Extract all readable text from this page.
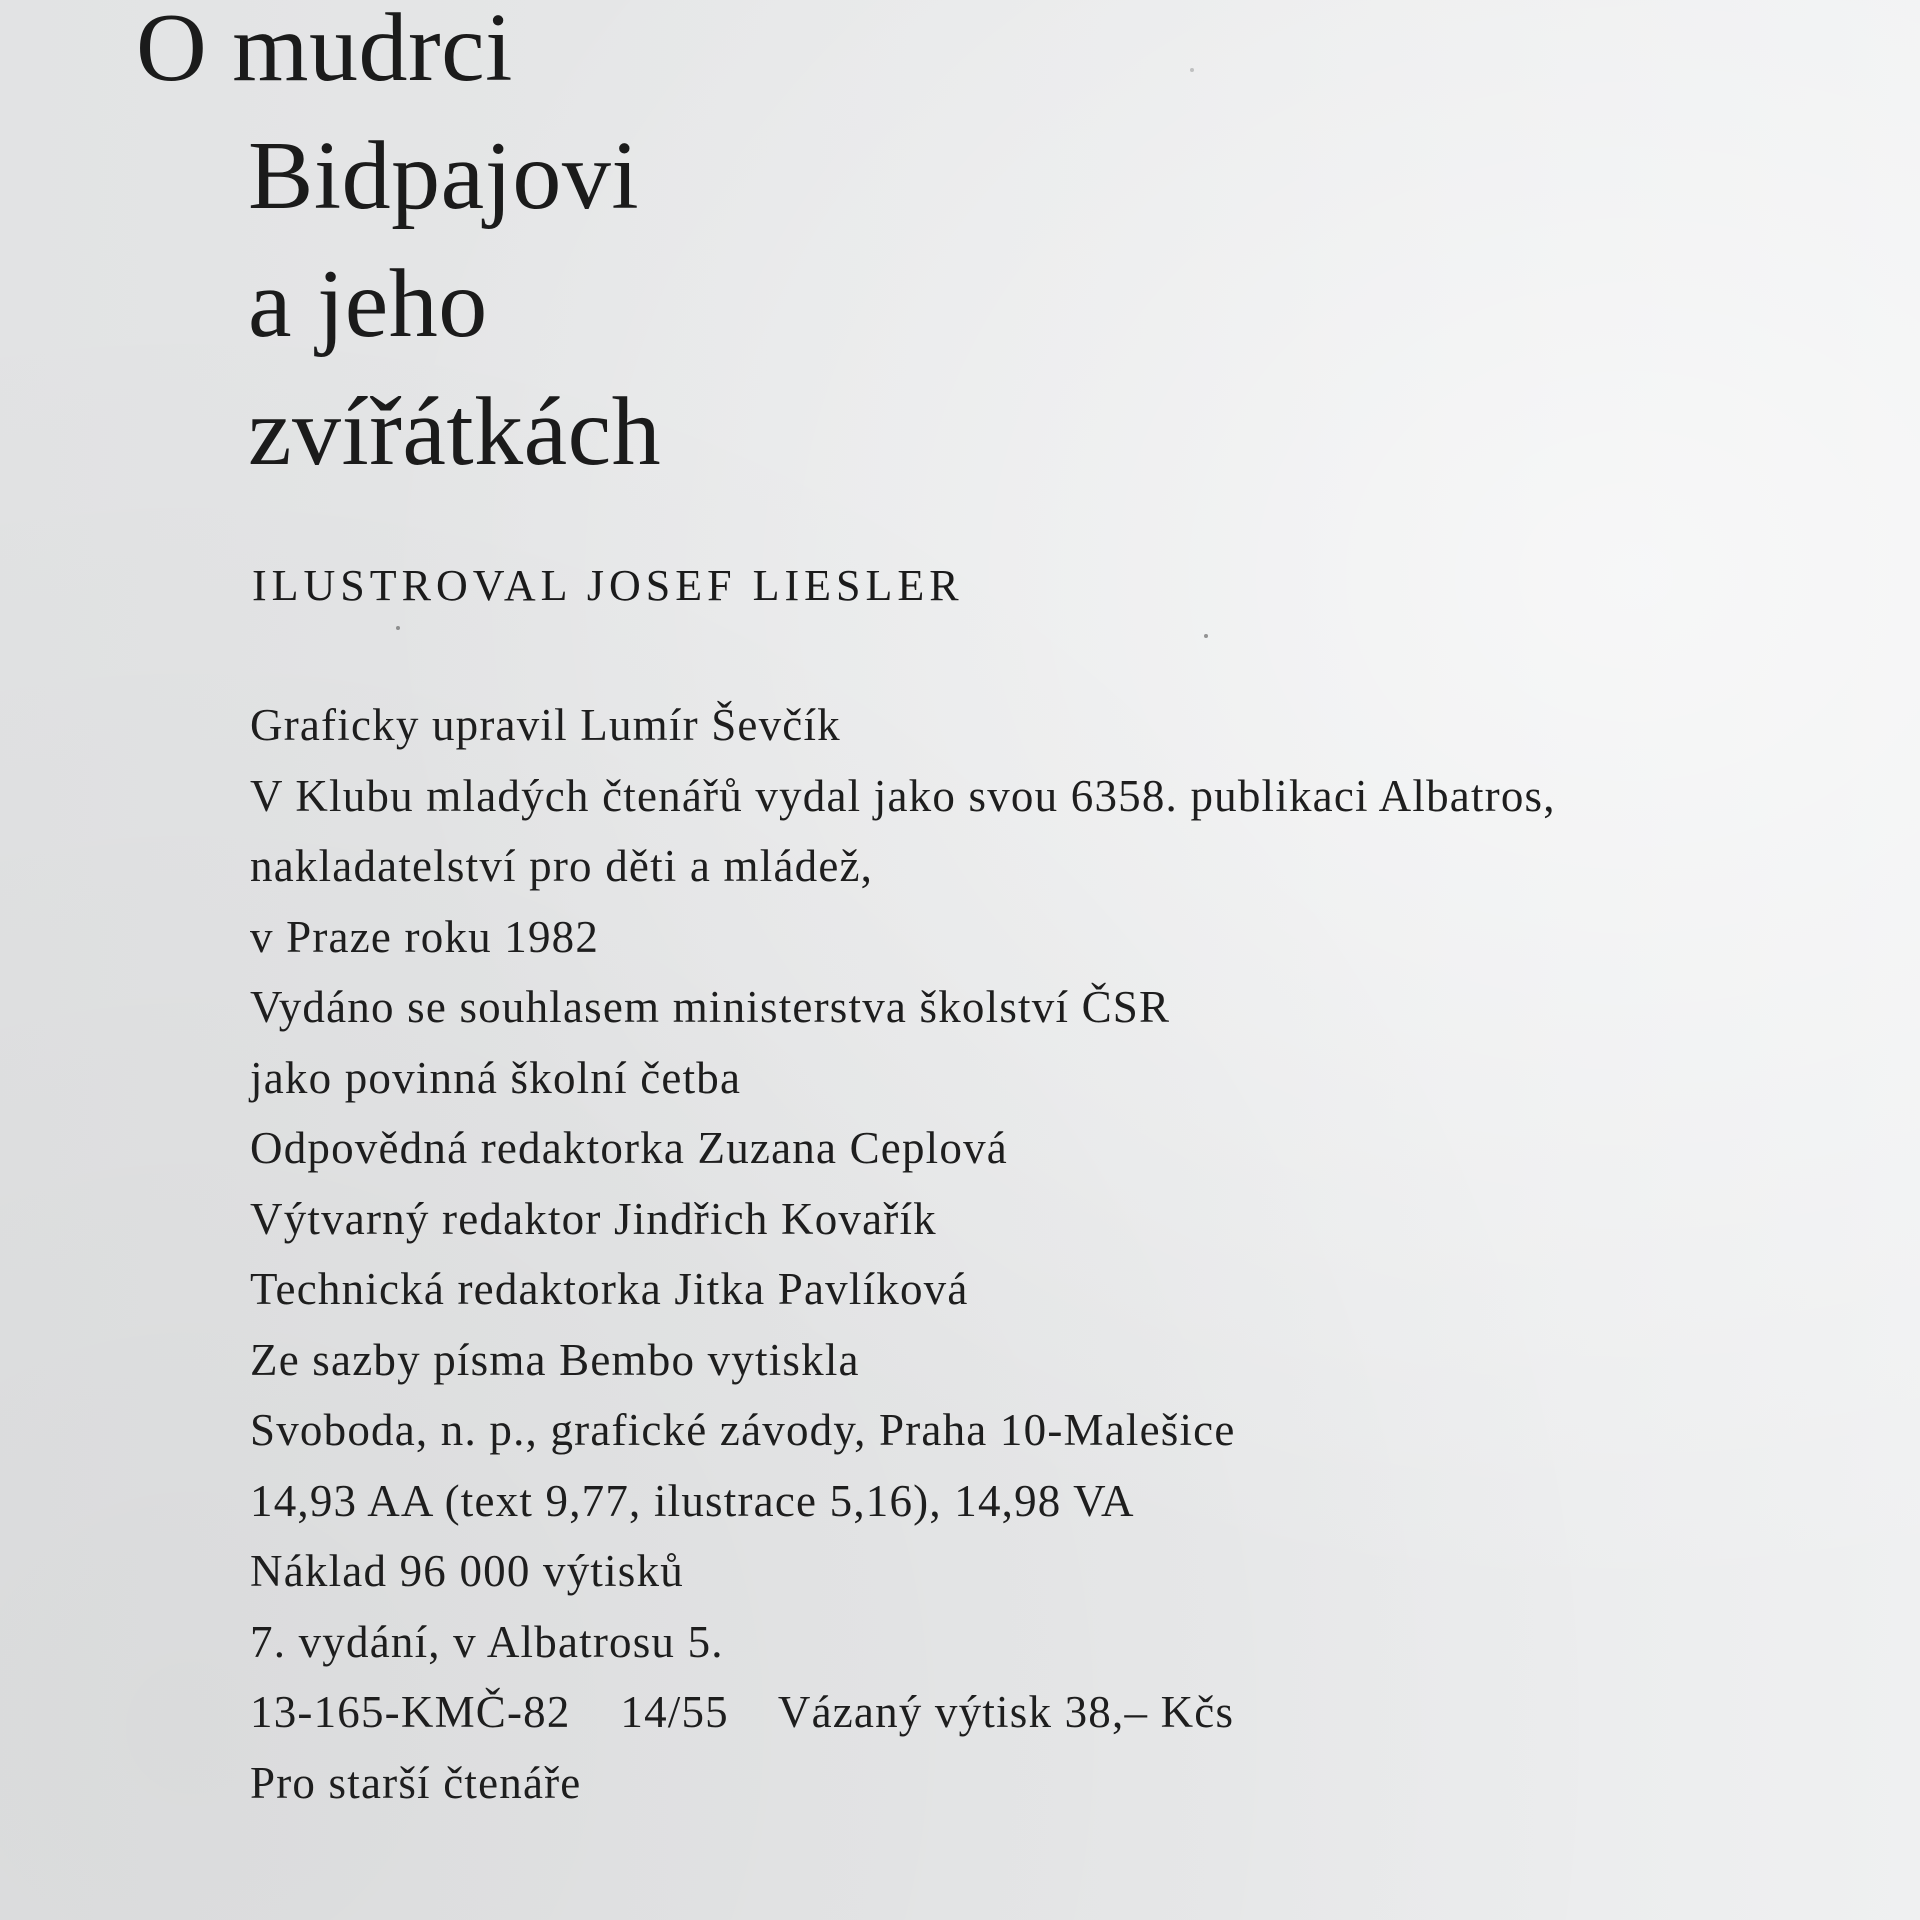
O mudrci
Bidpajovi
a jeho
zvířátkách

ILUSTROVAL JOSEF LIESLER

Graficky upravil Lumír Ševčík
V Klubu mladých čtenářů vydal jako svou 6358. publikaci Albatros,
nakladatelství pro děti a mládež,
v Praze roku 1982
Vydáno se souhlasem ministerstva školství ČSR
jako povinná školní četba
Odpovědná redaktorka Zuzana Ceplová
Výtvarný redaktor Jindřich Kovařík
Technická redaktorka Jitka Pavlíková
Ze sazby písma Bembo vytiskla
Svoboda, n. p., grafické závody, Praha 10-Malešice
14,93 AA (text 9,77, ilustrace 5,16), 14,98 VA
Náklad 96 000 výtisků
7. vydání, v Albatrosu 5.
13-165-KMČ-82    14/55    Vázaný výtisk 38,– Kčs
Pro starší čtenáře
